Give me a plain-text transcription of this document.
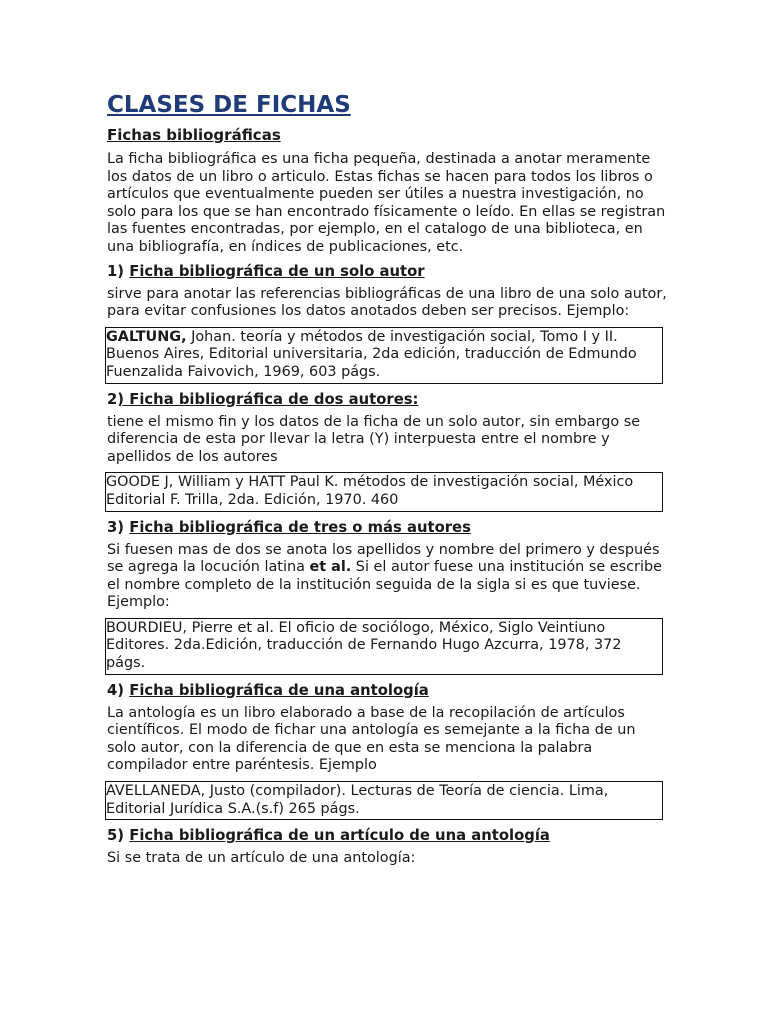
CLASES DE FICHAS
Fichas bibliográficas

La ficha bibliográfica es una ficha pequeña, destinada a anotar meramente los datos de un libro o articulo. Estas fichas se hacen para todos los libros o artículos que eventualmente pueden ser útiles a nuestra investigación, no solo para los que se han encontrado físicamente o leído. En ellas se registran las fuentes encontradas, por ejemplo, en el catalogo de una biblioteca, en una bibliografía, en índices de publicaciones, etc.

1) Ficha bibliográfica de un solo autor

sirve para anotar las referencias bibliográficas de una libro de una solo autor, para evitar confusiones los datos anotados deben ser precisos. Ejemplo:

GALTUNG, Johan. teoría y métodos de investigación social, Tomo I y II. Buenos Aires, Editorial universitaria, 2da edición, traducción de Edmundo Fuenzalida Faivovich, 1969, 603 págs.
2) Ficha bibliográfica de dos autores:

tiene el mismo fin y los datos de la ficha de un solo autor, sin embargo se diferencia de esta por llevar la letra (Y) interpuesta entre el nombre y apellidos de los autores

GOODE J, William y HATT Paul K. métodos de investigación social, México Editorial F. Trilla, 2da. Edición, 1970. 460
3) Ficha bibliográfica de tres o más autores

Si fuesen mas de dos se anota los apellidos y nombre del primero y después se agrega la locución latina et al. Si el autor fuese una institución se escribe el nombre completo de la institución seguida de la sigla si es que tuviese. Ejemplo:

BOURDIEU, Pierre et al. El oficio de sociólogo, México, Siglo Veintiuno Editores. 2da.Edición, traducción de Fernando Hugo Azcurra, 1978, 372 págs.
4) Ficha bibliográfica de una antología

La antología es un libro elaborado a base de la recopilación de artículos científicos. El modo de fichar una antología es semejante a la ficha de un solo autor, con la diferencia de que en esta se menciona la palabra compilador entre paréntesis. Ejemplo

AVELLANEDA, Justo (compilador). Lecturas de Teoría de ciencia. Lima, Editorial Jurídica S.A.(s.f) 265 págs.
5) Ficha bibliográfica de un artículo de una antología

Si se trata de un artículo de una antología:
